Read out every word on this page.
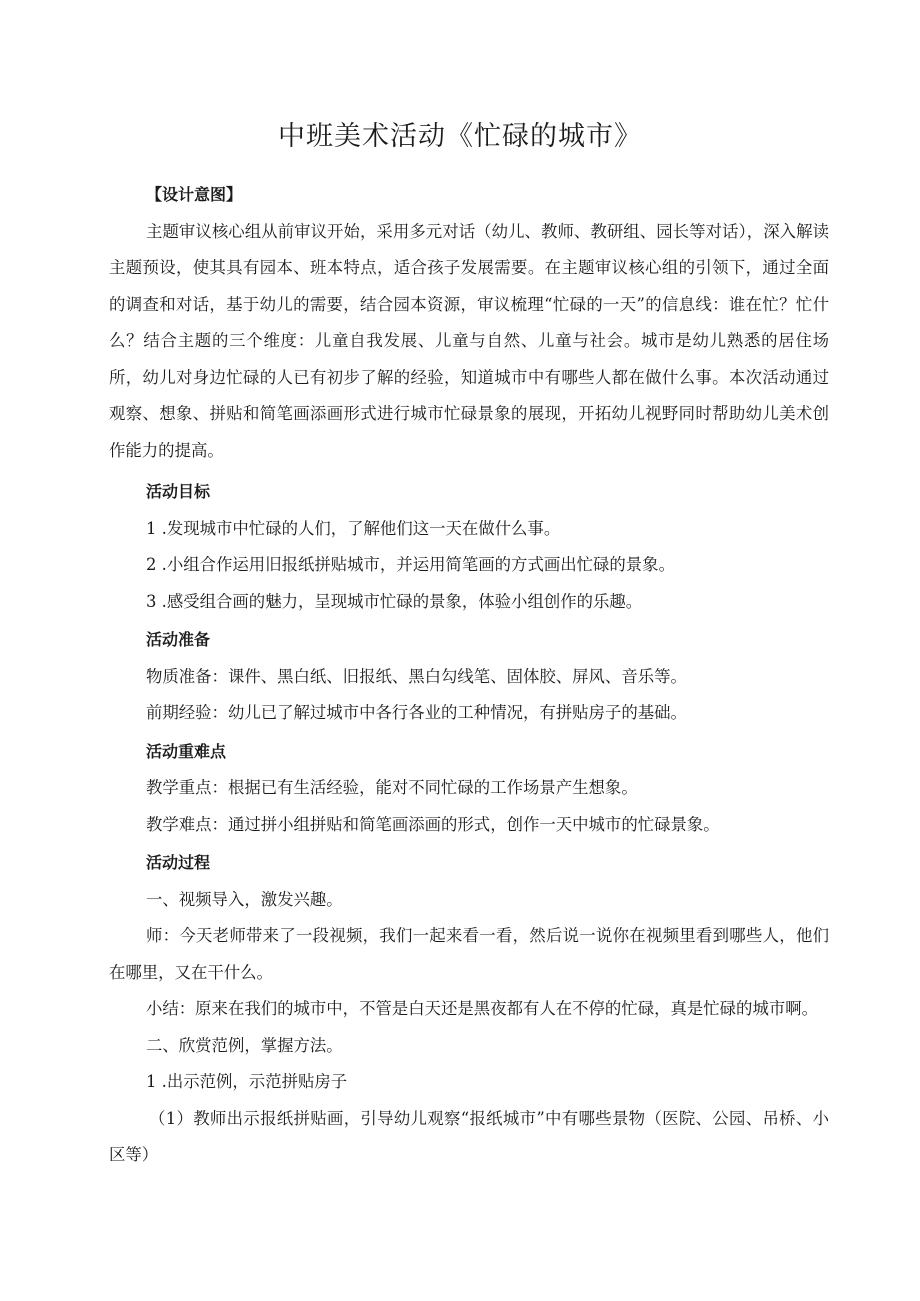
中班美术活动《忙碌的城市》

【设计意图】

主题审议核心组从前审议开始，采用多元对话（幼儿、教师、教研组、园长等对话），深入解读主题预设，使其具有园本、班本特点，适合孩子发展需要。在主题审议核心组的引领下，通过全面的调查和对话，基于幼儿的需要，结合园本资源，审议梳理“忙碌的一天”的信息线：谁在忙？忙什么？结合主题的三个维度：儿童自我发展、儿童与自然、儿童与社会。城市是幼儿熟悉的居住场所，幼儿对身边忙碌的人已有初步了解的经验，知道城市中有哪些人都在做什么事。本次活动通过观察、想象、拼贴和简笔画添画形式进行城市忙碌景象的展现，开拓幼儿视野同时帮助幼儿美术创作能力的提高。

活动目标

1 .发现城市中忙碌的人们，了解他们这一天在做什么事。

2 .小组合作运用旧报纸拼贴城市，并运用简笔画的方式画出忙碌的景象。

3 .感受组合画的魅力，呈现城市忙碌的景象，体验小组创作的乐趣。

活动准备

物质准备：课件、黑白纸、旧报纸、黑白勾线笔、固体胶、屏风、音乐等。

前期经验：幼儿已了解过城市中各行各业的工种情况，有拼贴房子的基础。

活动重难点

教学重点：根据已有生活经验，能对不同忙碌的工作场景产生想象。

教学难点：通过拼小组拼贴和简笔画添画的形式，创作一天中城市的忙碌景象。

活动过程

一、视频导入，激发兴趣。

师：今天老师带来了一段视频，我们一起来看一看，然后说一说你在视频里看到哪些人，他们在哪里，又在干什么。

小结：原来在我们的城市中，不管是白天还是黑夜都有人在不停的忙碌，真是忙碌的城市啊。

二、欣赏范例，掌握方法。

1 .出示范例，示范拼贴房子

（1）教师出示报纸拼贴画，引导幼儿观察“报纸城市”中有哪些景物（医院、公园、吊桥、小区等）
